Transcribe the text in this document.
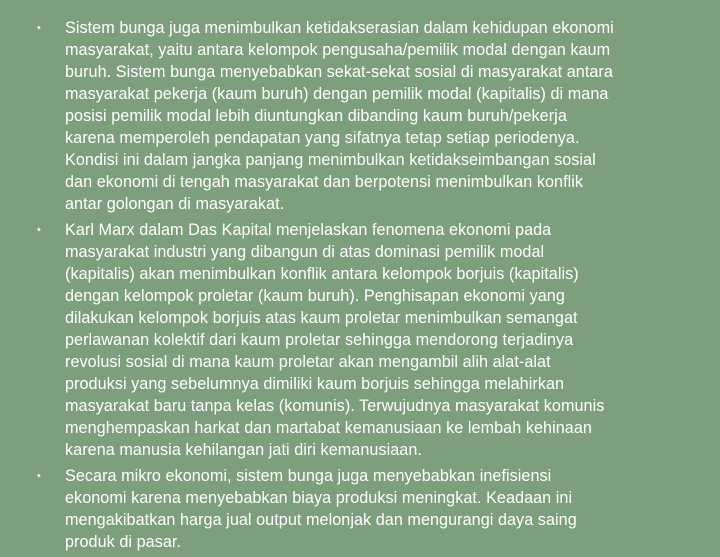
• Sistem bunga juga menimbulkan ketidakserasian dalam kehidupan ekonomi
masyarakat, yaitu antara kelompok pengusaha/pemilik modal dengan kaum
buruh. Sistem bunga menyebabkan sekat-sekat sosial di masyarakat antara
masyarakat pekerja (kaum buruh) dengan pemilik modal (kapitalis) di mana
posisi pemilik modal lebih diuntungkan dibanding kaum buruh/pekerja
karena memperoleh pendapatan yang sifatnya tetap setiap periodenya.
Kondisi ini dalam jangka panjang menimbulkan ketidakseimbangan sosial
dan ekonomi di tengah masyarakat dan berpotensi menimbulkan konflik
antar golongan di masyarakat.
• Karl Marx dalam Das Kapital menjelaskan fenomena ekonomi pada
masyarakat industri yang dibangun di atas dominasi pemilik modal
(kapitalis) akan menimbulkan konflik antara kelompok borjuis (kapitalis)
dengan kelompok proletar (kaum buruh). Penghisapan ekonomi yang
dilakukan kelompok borjuis atas kaum proletar menimbulkan semangat
perlawanan kolektif dari kaum proletar sehingga mendorong terjadinya
revolusi sosial di mana kaum proletar akan mengambil alih alat-alat
produksi yang sebelumnya dimiliki kaum borjuis sehingga melahirkan
masyarakat baru tanpa kelas (komunis). Terwujudnya masyarakat komunis
menghempaskan harkat dan martabat kemanusiaan ke lembah kehinaan
karena manusia kehilangan jati diri kemanusiaan.
• Secara mikro ekonomi, sistem bunga juga menyebabkan inefisiensi
ekonomi karena menyebabkan biaya produksi meningkat. Keadaan ini
mengakibatkan harga jual output melonjak dan mengurangi daya saing
produk di pasar.
